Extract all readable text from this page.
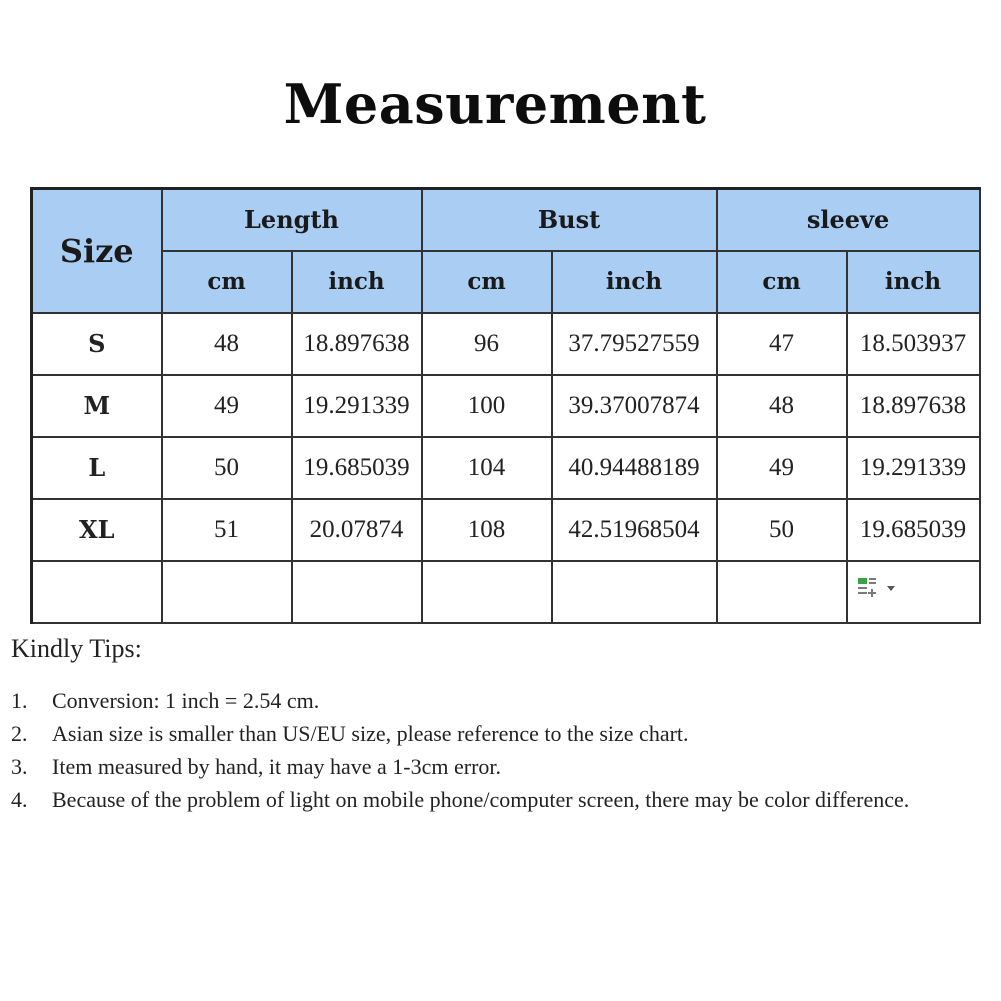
Measurement
Size	Length		Bust		sleeve	
	cm	inch	cm	inch	cm	inch
S	48	18.897638	96	37.79527559	47	18.503937
M	49	19.291339	100	39.37007874	48	18.897638
L	50	19.685039	104	40.94488189	49	19.291339
XL	51	20.07874	108	42.51968504	50	19.685039

Kindly Tips:
1.	Conversion: 1 inch = 2.54 cm.
2.	Asian size is smaller than US/EU size, please reference to the size chart.
3.	Item measured by hand, it may have a 1-3cm error.
4.	Because of the problem of light on mobile phone/computer screen, there may be color difference.
